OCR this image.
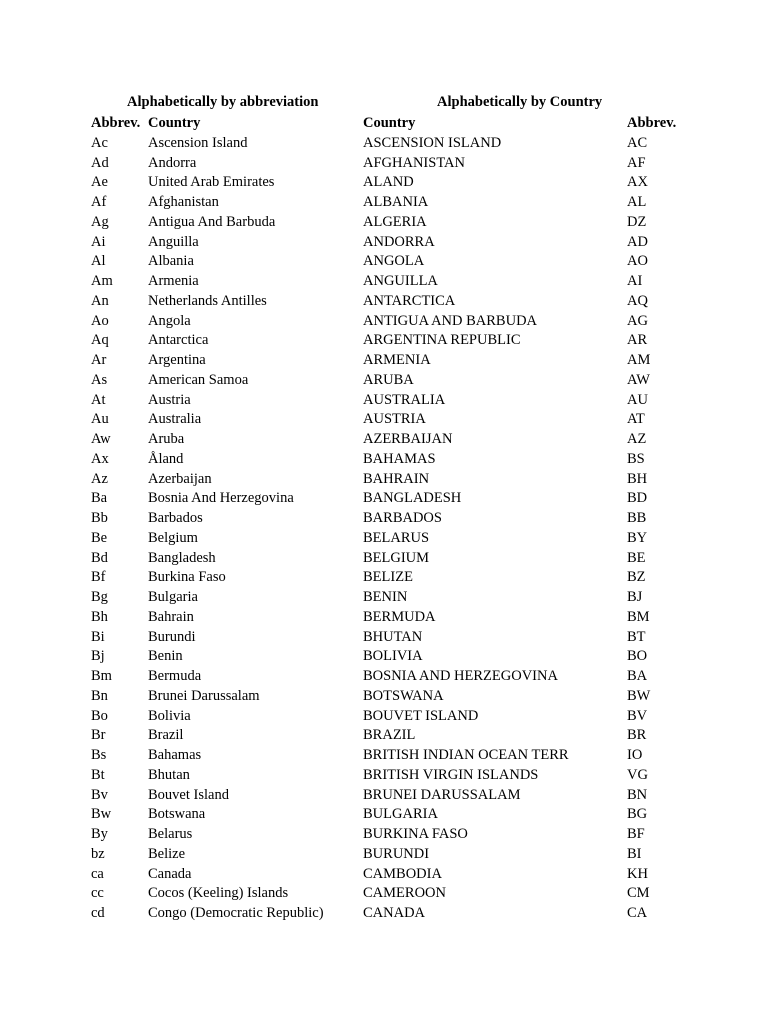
Alphabetically by abbreviation	Alphabetically by Country
Abbrev.
Ac
Ad
Ae
Af
Ag
Ai
Al
Am
An
Ao
Aq
Ar
As
At
Au
Aw
Ax
Az
Ba
Bb
Be
Bd
Bf
Bg
Bh
Bi
Bj
Bm
Bn
Bo
Br
Bs
Bt
Bv
Bw
By
bz
ca
cc
cd
Country
Ascension Island
Andorra
United Arab Emirates
Afghanistan
Antigua And Barbuda
Anguilla
Albania
Armenia
Netherlands Antilles
Angola
Antarctica
Argentina
American Samoa
Austria
Australia
Aruba
Åland
Azerbaijan
Bosnia And Herzegovina
Barbados
Belgium
Bangladesh
Burkina Faso
Bulgaria
Bahrain
Burundi
Benin
Bermuda
Brunei Darussalam
Bolivia
Brazil
Bahamas
Bhutan
Bouvet Island
Botswana
Belarus
Belize
Canada
Cocos (Keeling) Islands
Congo (Democratic Republic)
Country
ASCENSION ISLAND
AFGHANISTAN
ALAND
ALBANIA
ALGERIA
ANDORRA
ANGOLA
ANGUILLA
ANTARCTICA
ANTIGUA AND BARBUDA
ARGENTINA REPUBLIC
ARMENIA
ARUBA
AUSTRALIA
AUSTRIA
AZERBAIJAN
BAHAMAS
BAHRAIN
BANGLADESH
BARBADOS
BELARUS
BELGIUM
BELIZE
BENIN
BERMUDA
BHUTAN
BOLIVIA
BOSNIA AND HERZEGOVINA
BOTSWANA
BOUVET ISLAND
BRAZIL
BRITISH INDIAN OCEAN TERR
BRITISH VIRGIN ISLANDS
BRUNEI DARUSSALAM
BULGARIA
BURKINA FASO
BURUNDI
CAMBODIA
CAMEROON
CANADA
Abbrev.
AC
AF
AX
AL
DZ
AD
AO
AI
AQ
AG
AR
AM
AW
AU
AT
AZ
BS
BH
BD
BB
BY
BE
BZ
BJ
BM
BT
BO
BA
BW
BV
BR
IO
VG
BN
BG
BF
BI
KH
CM
CA
